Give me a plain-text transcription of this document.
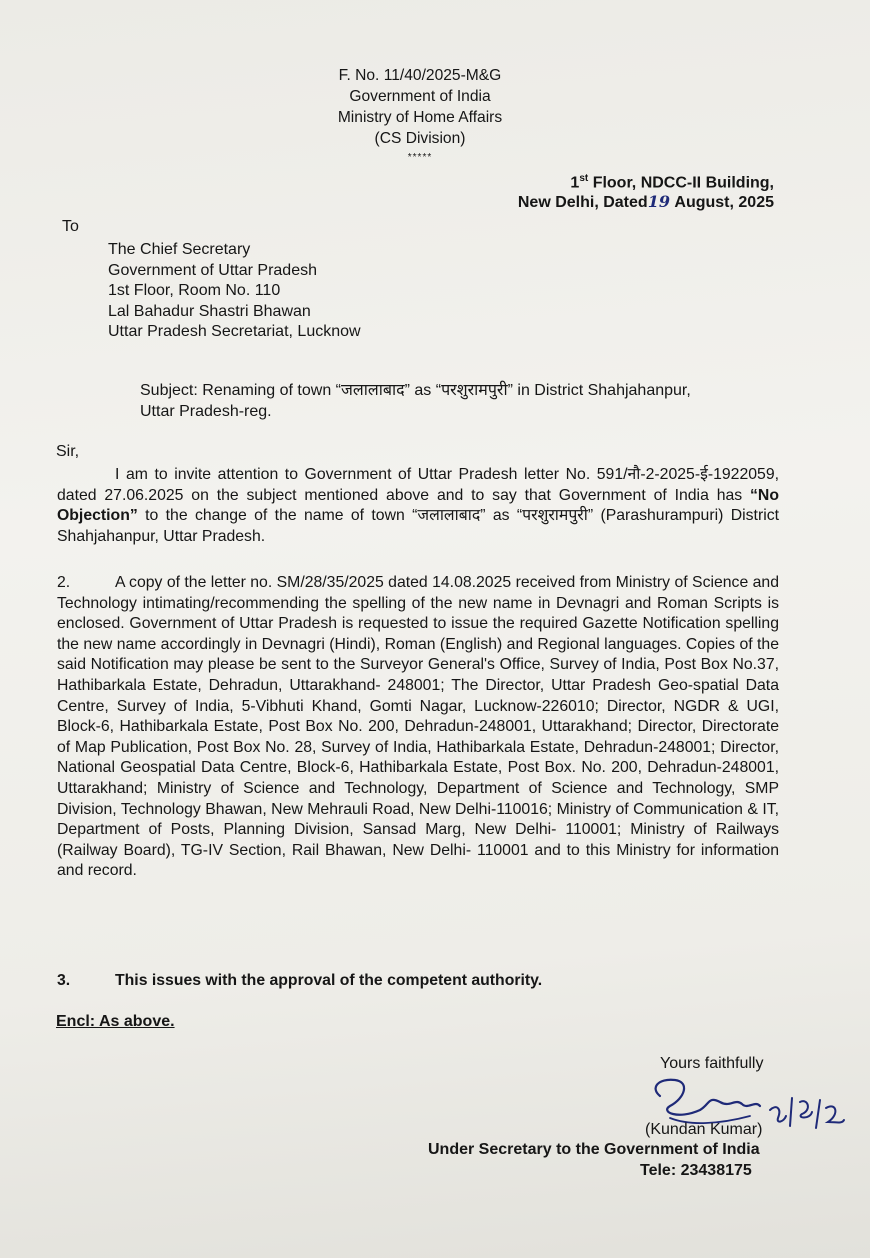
F. No. 11/40/2025-M&G
Government of India
Ministry of Home Affairs
(CS Division)
*****
1st Floor, NDCC-II Building,
New Delhi, Dated19 August, 2025
To
The Chief Secretary
Government of Uttar Pradesh
1st Floor, Room No. 110
Lal Bahadur Shastri Bhawan
Uttar Pradesh Secretariat, Lucknow
Subject: Renaming of town “जलालाबाद” as “परशुरामपुरी” in District Shahjahanpur,
Uttar Pradesh-reg.
Sir,

I am to invite attention to Government of Uttar Pradesh letter No. 591/नौ-2-2025-ई-1922059, dated 27.06.2025 on the subject mentioned above and to say that Government of India has “No Objection” to the change of the name of town “जलालाबाद” as “परशुरामपुरी” (Parashurampuri) District Shahjahanpur, Uttar Pradesh.

2.	A copy of the letter no. SM/28/35/2025 dated 14.08.2025 received from Ministry of Science and Technology intimating/recommending the spelling of the new name in Devnagri and Roman Scripts is enclosed. Government of Uttar Pradesh is requested to issue the required Gazette Notification spelling the new name accordingly in Devnagri (Hindi), Roman (English) and Regional languages. Copies of the said Notification may please be sent to the Surveyor General's Office, Survey of India, Post Box No.37, Hathibarkala Estate, Dehradun, Uttarakhand- 248001; The Director, Uttar Pradesh Geo-spatial Data Centre, Survey of India, 5-Vibhuti Khand, Gomti Nagar, Lucknow-226010; Director, NGDR & UGI, Block-6, Hathibarkala Estate, Post Box No. 200, Dehradun-248001, Uttarakhand; Director, Directorate of Map Publication, Post Box No. 28, Survey of India, Hathibarkala Estate, Dehradun-248001; Director, National Geospatial Data Centre, Block-6, Hathibarkala Estate, Post Box. No. 200, Dehradun-248001, Uttarakhand; Ministry of Science and Technology, Department of Science and Technology, SMP Division, Technology Bhawan, New Mehrauli Road, New Delhi-110016; Ministry of Communication & IT, Department of Posts, Planning Division, Sansad Marg, New Delhi- 110001; Ministry of Railways (Railway Board), TG-IV Section, Rail Bhawan, New Delhi- 110001 and to this Ministry for information and record.

3.	This issues with the approval of the competent authority.

Encl: As above.
Yours faithfully
(Kundan Kumar)
Under Secretary to the Government of India
Tele: 23438175
